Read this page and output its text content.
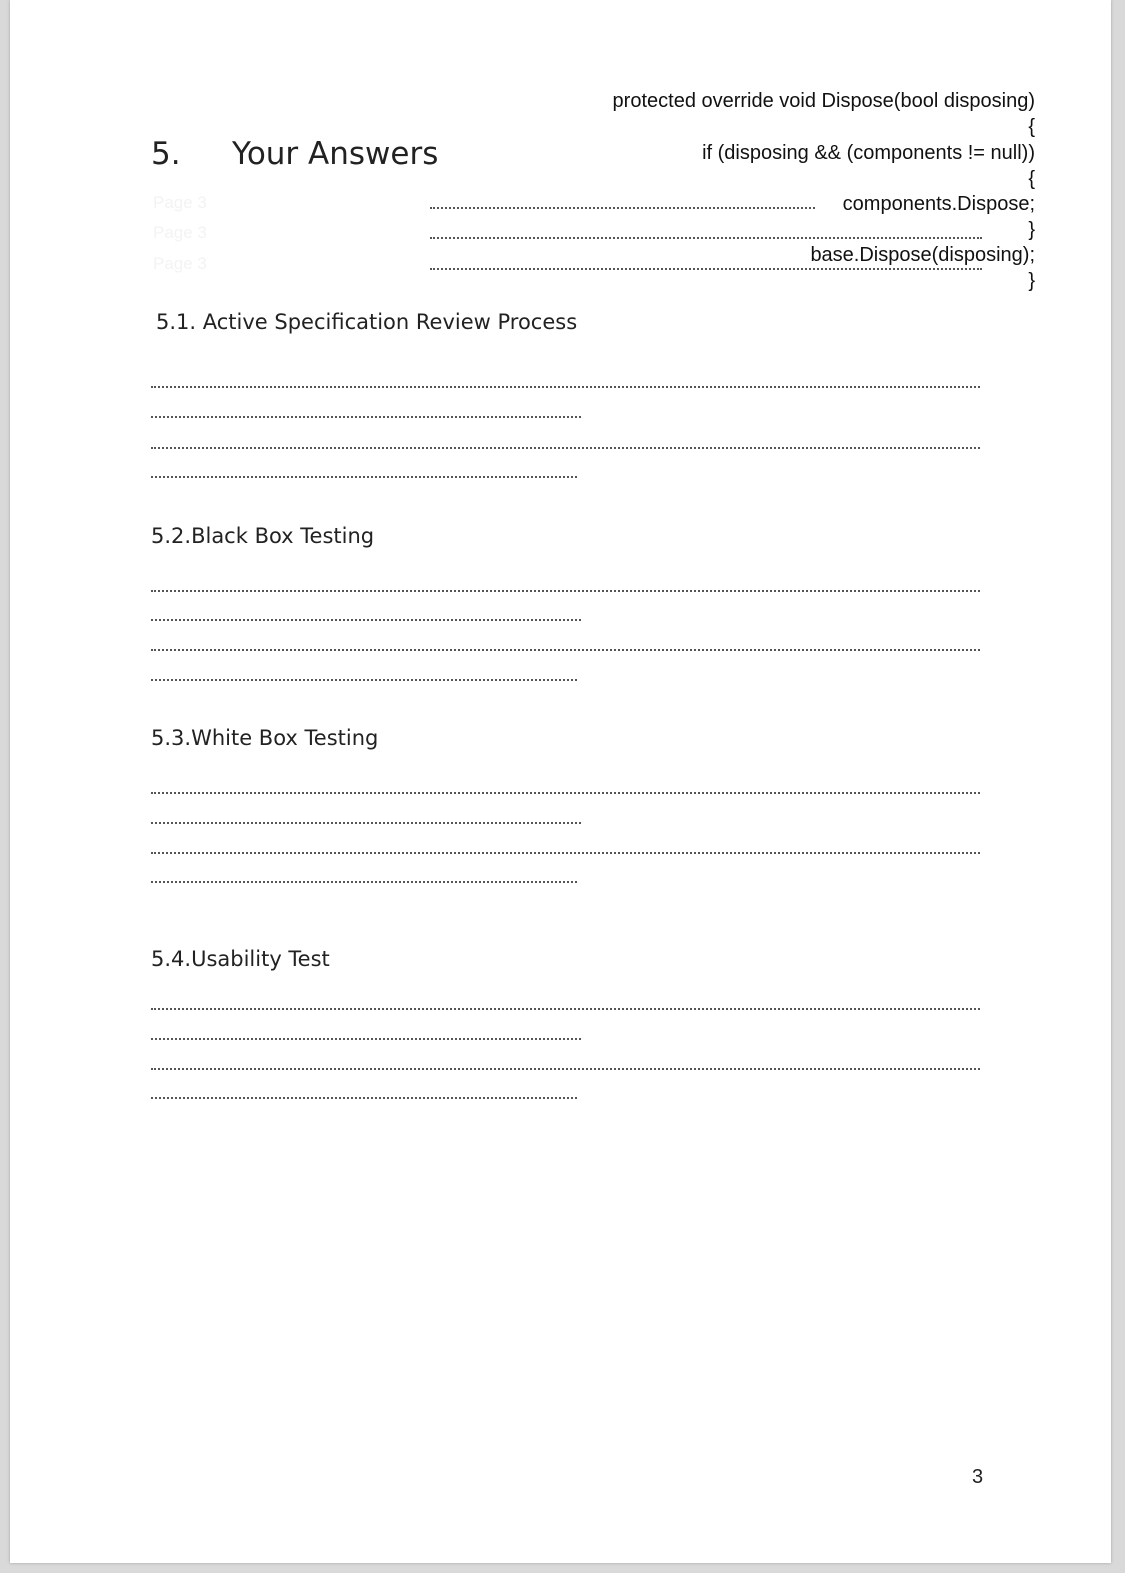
protected override void Dispose(bool disposing)
{
if (disposing && (components != null))
{
components.Dispose;
}
base.Dispose(disposing);
}
Page 3
Page 3
Page 3
5. Your Answers
5.1. Active Specification Review Process
5.2.Black Box Testing
5.3.White Box Testing
5.4.Usability Test
3
